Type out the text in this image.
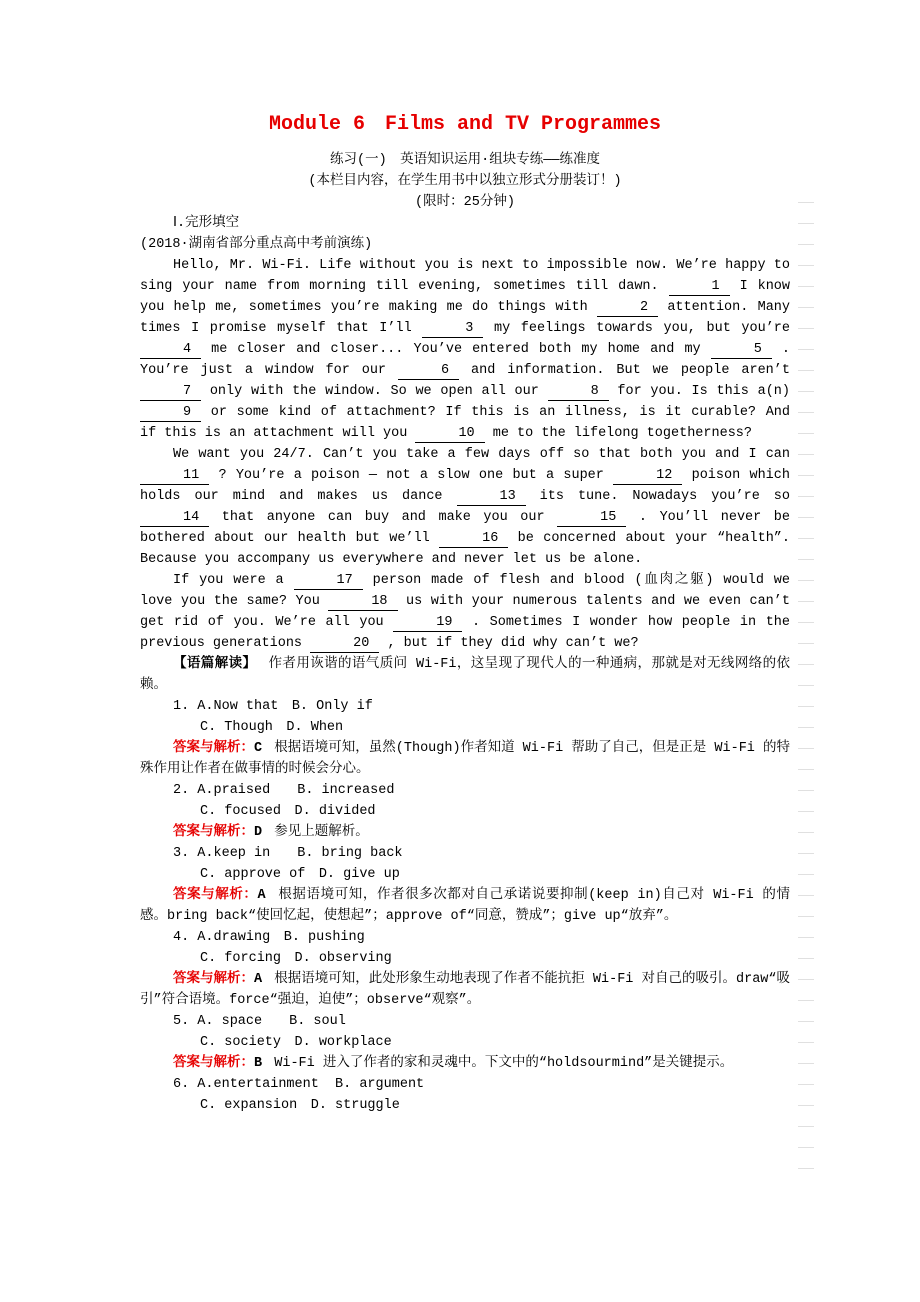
Module 6　Films and TV Programmes
练习(一)　英语知识运用·组块专练——练准度
(本栏目内容，在学生用书中以独立形式分册装订！)
(限时：25分钟)
Ⅰ.完形填空
(2018·湖南省部分重点高中考前演练)

Hello, Mr. Wi-Fi. Life without you is next to impossible now. We’re happy to sing your name from morning till evening, sometimes till dawn.	1 I know you help me, sometimes you’re making me do things with	2 attention. Many times I promise myself that I’ll	3 my feelings towards you, but you’re 4 me closer and closer... You’ve entered both my home and my	5 . You’re just a window for our	6 and information. But we people aren’t 7 only with the window. So we open all our	8 for you. Is this a(n) 9 or some kind of attachment? If this is an illness, is it curable? And if this is an attachment will you	10 me to the lifelong togetherness?

We want you 24/7. Can’t you take a few days off so that both you and I can 11 ? You’re a poison — not a slow one but a super	12 poison which holds our mind and makes us dance	13 its tune. Nowadays you’re so 14 that anyone can buy and make you our	15 . You’ll never be bothered about our health but we’ll	16 be concerned about your “health”. Because you accompany us everywhere and never let us be alone.

If you were a	17 person made of flesh and blood (血肉之躯) would we love you the same? You	18 us with your numerous talents and we even can’t get rid of you. We’re all you	19 . Sometimes I wonder how people in the previous generations	20 , but if they did why can’t we?

【语篇解读】 作者用诙谐的语气质问 Wi-Fi，这呈现了现代人的一种通病，那就是对无线网络的依赖。

1. A.Now that　B. Only if

C. Though　D. When

答案与解析：C 根据语境可知，虽然(Though)作者知道 Wi-Fi 帮助了自己，但是正是 Wi-Fi 的特殊作用让作者在做事情的时候会分心。

2. A.praised　　B. increased

C. focused　D. divided

答案与解析：D 参见上题解析。

3. A.keep in　　B. bring back

C. approve of　D. give up

答案与解析：A 根据语境可知，作者很多次都对自己承诺说要抑制(keep in)自己对 Wi-Fi 的情感。bring back“使回忆起，使想起”；approve of“同意，赞成”；give up“放弃”。

4. A.drawing　B. pushing

C. forcing　D. observing

答案与解析：A 根据语境可知，此处形象生动地表现了作者不能抗拒 Wi-Fi 对自己的吸引。draw“吸引”符合语境。force“强迫，迫使”；observe“观察”。

5. A. space　　B. soul

C. society　D. workplace

答案与解析：B Wi-Fi 进入了作者的家和灵魂中。下文中的“holdsourmind”是关键提示。

6. A.entertainment  B. argument

C. expansion　D. struggle
